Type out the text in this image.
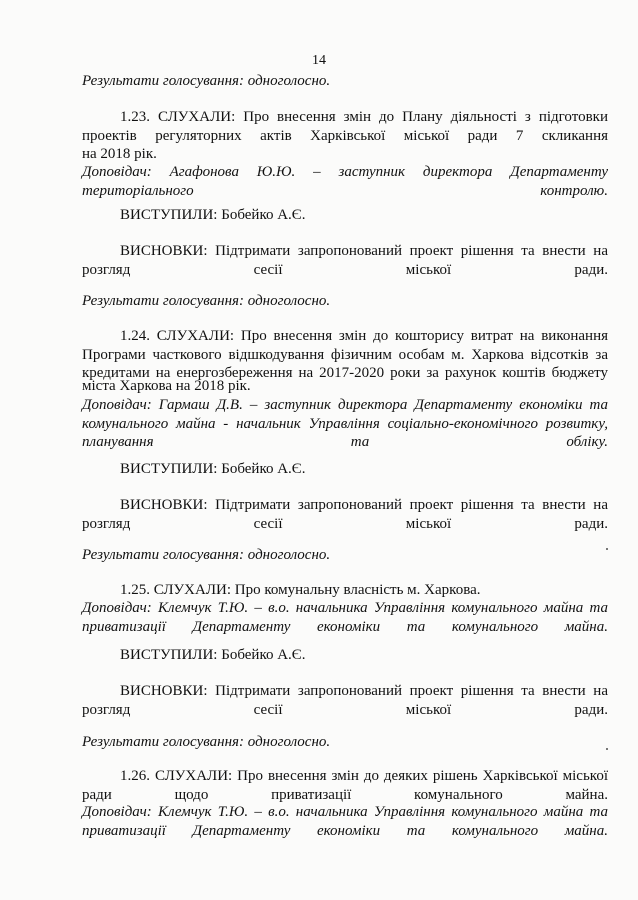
14

Результати голосування: одноголосно.

1.23. СЛУХАЛИ: Про внесення змін до Плану діяльності з підготовки проектів регуляторних актів Харківської міської ради 7 скликання

на 2018 рік.

Доповідач: Агафонова Ю.Ю. – заступник директора Департаменту територіального контролю.

ВИСТУПИЛИ: Бобейко А.Є.

ВИСНОВКИ: Підтримати запропонований проект рішення та внести на розгляд сесії міської ради.

Результати голосування: одноголосно.

1.24. СЛУХАЛИ: Про внесення змін до кошторису витрат на виконання Програми часткового відшкодування фізичним особам м. Харкова відсотків за кредитами на енергозбереження на 2017-2020 роки за рахунок коштів бюджету

міста Харкова на 2018 рік.

Доповідач: Гармаш Д.В. – заступник директора Департаменту економіки та комунального майна - начальник Управління соціально-економічного розвитку, планування та обліку.

ВИСТУПИЛИ: Бобейко А.Є.

ВИСНОВКИ: Підтримати запропонований проект рішення та внести на розгляд сесії міської ради.

Результати голосування: одноголосно.

1.25. СЛУХАЛИ: Про комунальну власність м. Харкова.

Доповідач: Клемчук Т.Ю. – в.о. начальника Управління комунального майна та приватизації Департаменту економіки та комунального майна.

ВИСТУПИЛИ: Бобейко А.Є.

ВИСНОВКИ: Підтримати запропонований проект рішення та внести на розгляд сесії міської ради.

Результати голосування: одноголосно.

1.26. СЛУХАЛИ: Про внесення змін до деяких рішень Харківської міської ради щодо приватизації комунального майна.

Доповідач: Клемчук Т.Ю. – в.о. начальника Управління комунального майна та приватизації Департаменту економіки та комунального майна.
